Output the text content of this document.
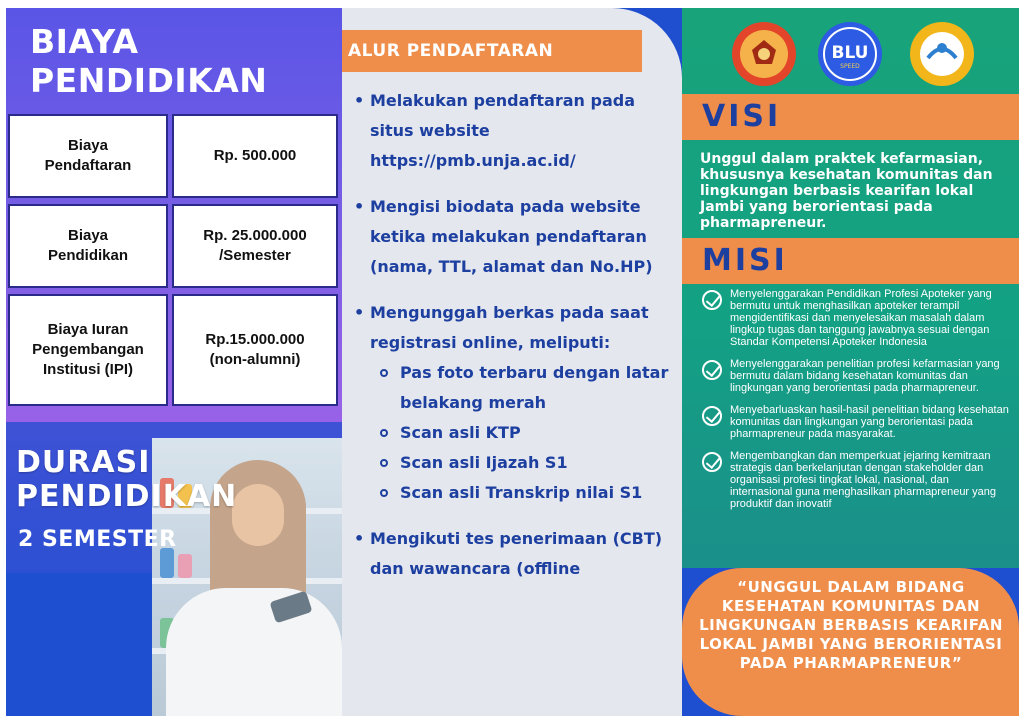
BIAYA
PENDIDIKAN
Biaya
Pendaftaran
Rp. 500.000
Biaya
Pendidikan
Rp. 25.000.000
/Semester
Biaya Iuran
Pengembangan
Institusi (IPI)
Rp.15.000.000
(non-alumni)
DURASI
PENDIDIKAN
2 SEMESTER
ALUR PENDAFTARAN
• Melakukan pendaftaran pada
situs website
https://pmb.unja.ac.id/
• Mengisi biodata pada website
ketika melakukan pendaftaran
(nama, TTL, alamat dan No.HP)
• Mengunggah berkas pada saat
registrasi online, meliputi:
Pas foto terbaru dengan latar
belakang merah
Scan asli KTP
Scan asli Ijazah S1
Scan asli Transkrip nilai S1
• Mengikuti tes penerimaan (CBT)
dan wawancara (offline
BLU
SPEED
VISI
Unggul dalam praktek kefarmasian, khususnya kesehatan komunitas dan lingkungan berbasis kearifan lokal Jambi yang berorientasi pada pharmapreneur.
MISI
Menyelenggarakan Pendidikan Profesi Apoteker yang bermutu untuk menghasilkan apoteker terampil mengidentifikasi dan menyelesaikan masalah dalam lingkup tugas dan tanggung jawabnya sesuai dengan Standar Kompetensi Apoteker Indonesia
Menyelenggarakan penelitian profesi kefarmasian yang bermutu dalam bidang kesehatan komunitas dan lingkungan yang berorientasi pada pharmapreneur.
Menyebarluaskan hasil-hasil penelitian bidang kesehatan komunitas dan lingkungan yang berorientasi pada pharmapreneur pada masyarakat.
Mengembangkan dan memperkuat jejaring kemitraan strategis dan berkelanjutan dengan stakeholder dan organisasi profesi tingkat lokal, nasional, dan internasional guna menghasilkan pharmapreneur yang produktif dan inovatif
“UNGGUL DALAM BIDANG KESEHATAN KOMUNITAS DAN LINGKUNGAN BERBASIS KEARIFAN LOKAL JAMBI YANG BERORIENTASI PADA PHARMAPRENEUR”
